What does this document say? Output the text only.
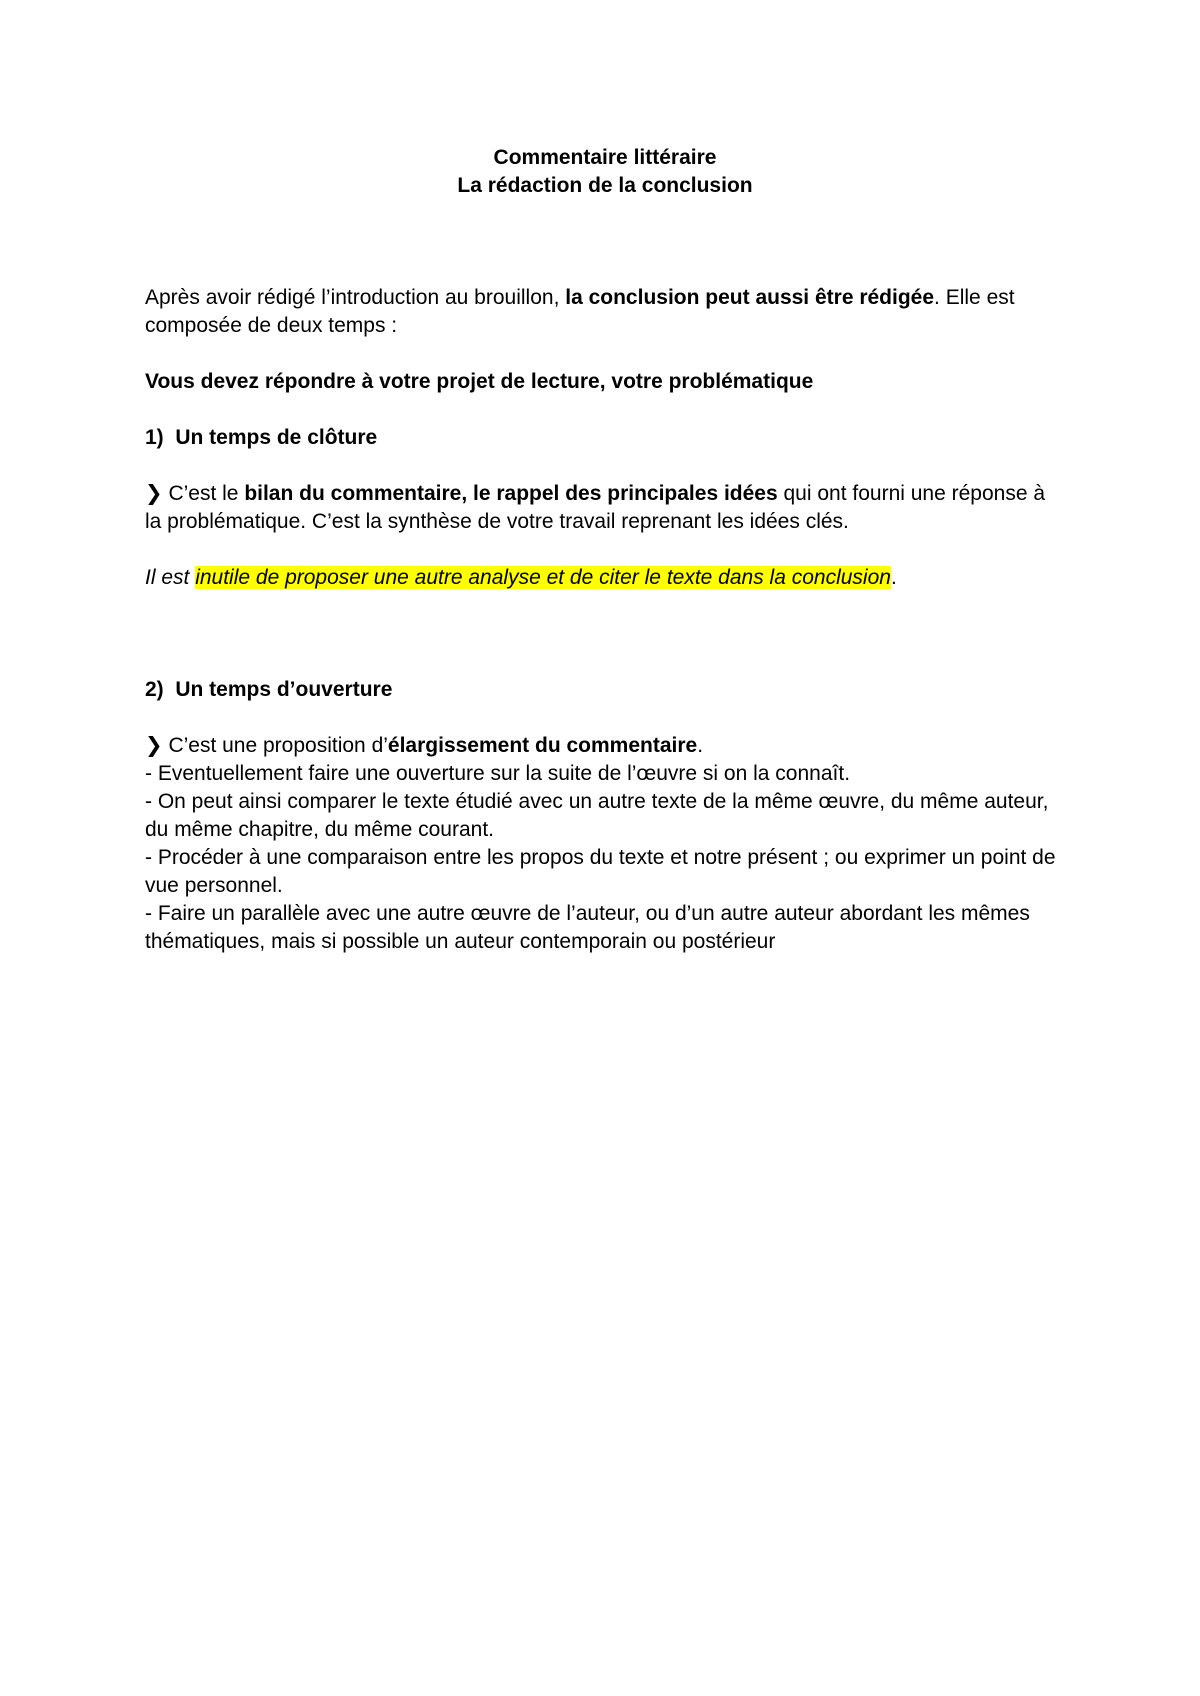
Commentaire littéraire
La rédaction de la conclusion

Après avoir rédigé l’introduction au brouillon, la conclusion peut aussi être rédigée. Elle est composée de deux temps :

Vous devez répondre à votre projet de lecture, votre problématique

1)  Un temps de clôture

❯ C’est le bilan du commentaire, le rappel des principales idées qui ont fourni une réponse à la problématique. C’est la synthèse de votre travail reprenant les idées clés.

Il est inutile de proposer une autre analyse et de citer le texte dans la conclusion.

2)  Un temps d’ouverture

❯ C’est une proposition d’élargissement du commentaire.

- Eventuellement faire une ouverture sur la suite de l’œuvre si on la connaît.
- On peut ainsi comparer le texte étudié avec un autre texte de la même œuvre, du même auteur, du même chapitre, du même courant.
- Procéder à une comparaison entre les propos du texte et notre présent ; ou exprimer un point de vue personnel.
- Faire un parallèle avec une autre œuvre de l’auteur, ou d’un autre auteur abordant les mêmes thématiques, mais si possible un auteur contemporain ou postérieur
